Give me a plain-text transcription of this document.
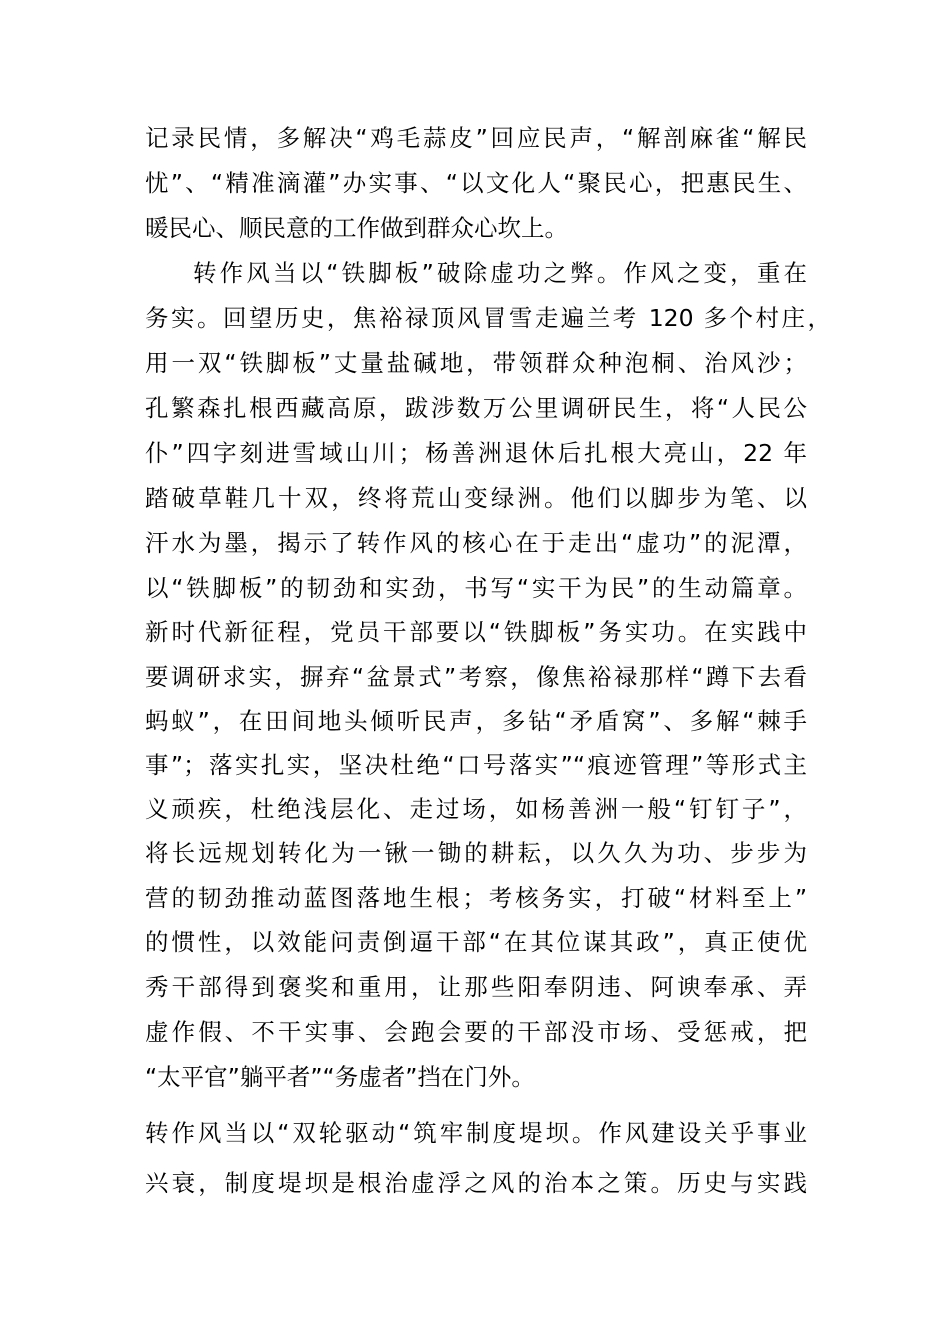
记录民情，多解决“鸡毛蒜皮”回应民声，“解剖麻雀“解民
忧”、“精准滴灌”办实事、“以文化人“聚民心，把惠民生、
暖民心、顺民意的工作做到群众心坎上。
转作风当以“铁脚板”破除虚功之弊。作风之变，重在
务实。回望历史，焦裕禄顶风冒雪走遍兰考 120 多个村庄，
用一双“铁脚板”丈量盐碱地，带领群众种泡桐、治风沙；
孔繁森扎根西藏高原，跋涉数万公里调研民生，将“人民公
仆”四字刻进雪域山川；杨善洲退休后扎根大亮山，22 年
踏破草鞋几十双，终将荒山变绿洲。他们以脚步为笔、以
汗水为墨，揭示了转作风的核心在于走出“虚功”的泥潭，
以“铁脚板”的韧劲和实劲，书写“实干为民”的生动篇章。
新时代新征程，党员干部要以“铁脚板”务实功。在实践中
要调研求实，摒弃“盆景式”考察，像焦裕禄那样“蹲下去看
蚂蚁”，在田间地头倾听民声，多钻“矛盾窝”、多解“棘手
事”；落实扎实，坚决杜绝“口号落实”“痕迹管理”等形式主
义顽疾，杜绝浅层化、走过场，如杨善洲一般“钉钉子”，
将长远规划转化为一锹一锄的耕耘，以久久为功、步步为
营的韧劲推动蓝图落地生根；考核务实，打破“材料至上”
的惯性，以效能问责倒逼干部“在其位谋其政”，真正使优
秀干部得到褒奖和重用，让那些阳奉阴违、阿谀奉承、弄
虚作假、不干实事、会跑会要的干部没市场、受惩戒，把
“太平官”躺平者”“务虚者”挡在门外。
转作风当以“双轮驱动“筑牢制度堤坝。作风建设关乎事业
兴衰，制度堤坝是根治虚浮之风的治本之策。历史与实践
